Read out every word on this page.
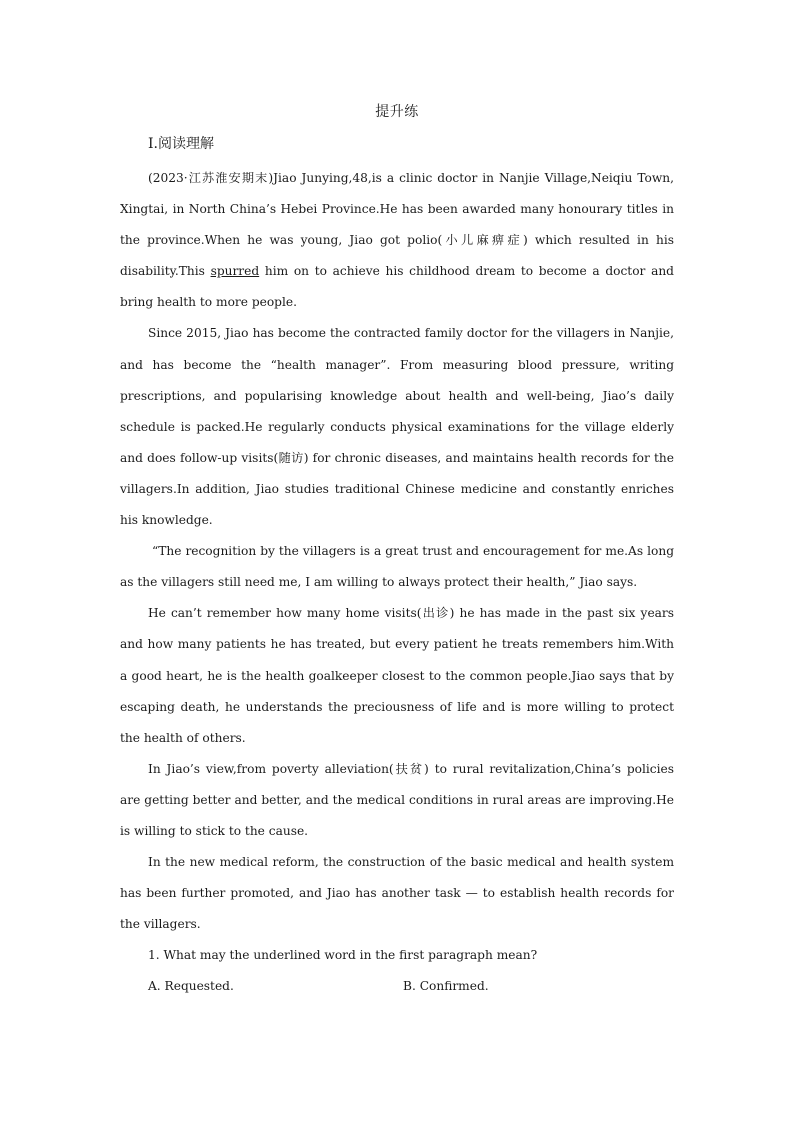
提升练
Ⅰ.阅读理解

(2023·江苏淮安期末)Jiao Junying,48,is a clinic doctor in Nanjie Village,Neiqiu Town, Xingtai, in North China’s Hebei Province.He has been awarded many honourary titles in the province.When he was young, Jiao got polio(小儿麻痹症) which resulted in his disability.This spurred him on to achieve his childhood dream to become a doctor and bring health to more people.

Since 2015, Jiao has become the contracted family doctor for the villagers in Nanjie, and has become the “health manager”. From measuring blood pressure, writing prescriptions, and popularising knowledge about health and well-being, Jiao’s daily schedule is packed.He regularly conducts physical examinations for the village elderly and does follow-up visits(随访) for chronic diseases, and maintains health records for the villagers.In addition, Jiao studies traditional Chinese medicine and constantly enriches his knowledge.

“The recognition by the villagers is a great trust and encouragement for me.As long as the villagers still need me, I am willing to always protect their health,” Jiao says.

He can’t remember how many home visits(出诊) he has made in the past six years and how many patients he has treated, but every patient he treats remembers him.With a good heart, he is the health goalkeeper closest to the common people.Jiao says that by escaping death, he understands the preciousness of life and is more willing to protect the health of others.

In Jiao’s view,from poverty alleviation(扶贫) to rural revitalization,China’s policies are getting better and better, and the medical conditions in rural areas are improving.He is willing to stick to the cause.

In the new medical reform, the construction of the basic medical and health system has been further promoted, and Jiao has another task — to establish health records for the villagers.

1. What may the underlined word in the first paragraph mean?

A. Requested.	B. Confirmed.
